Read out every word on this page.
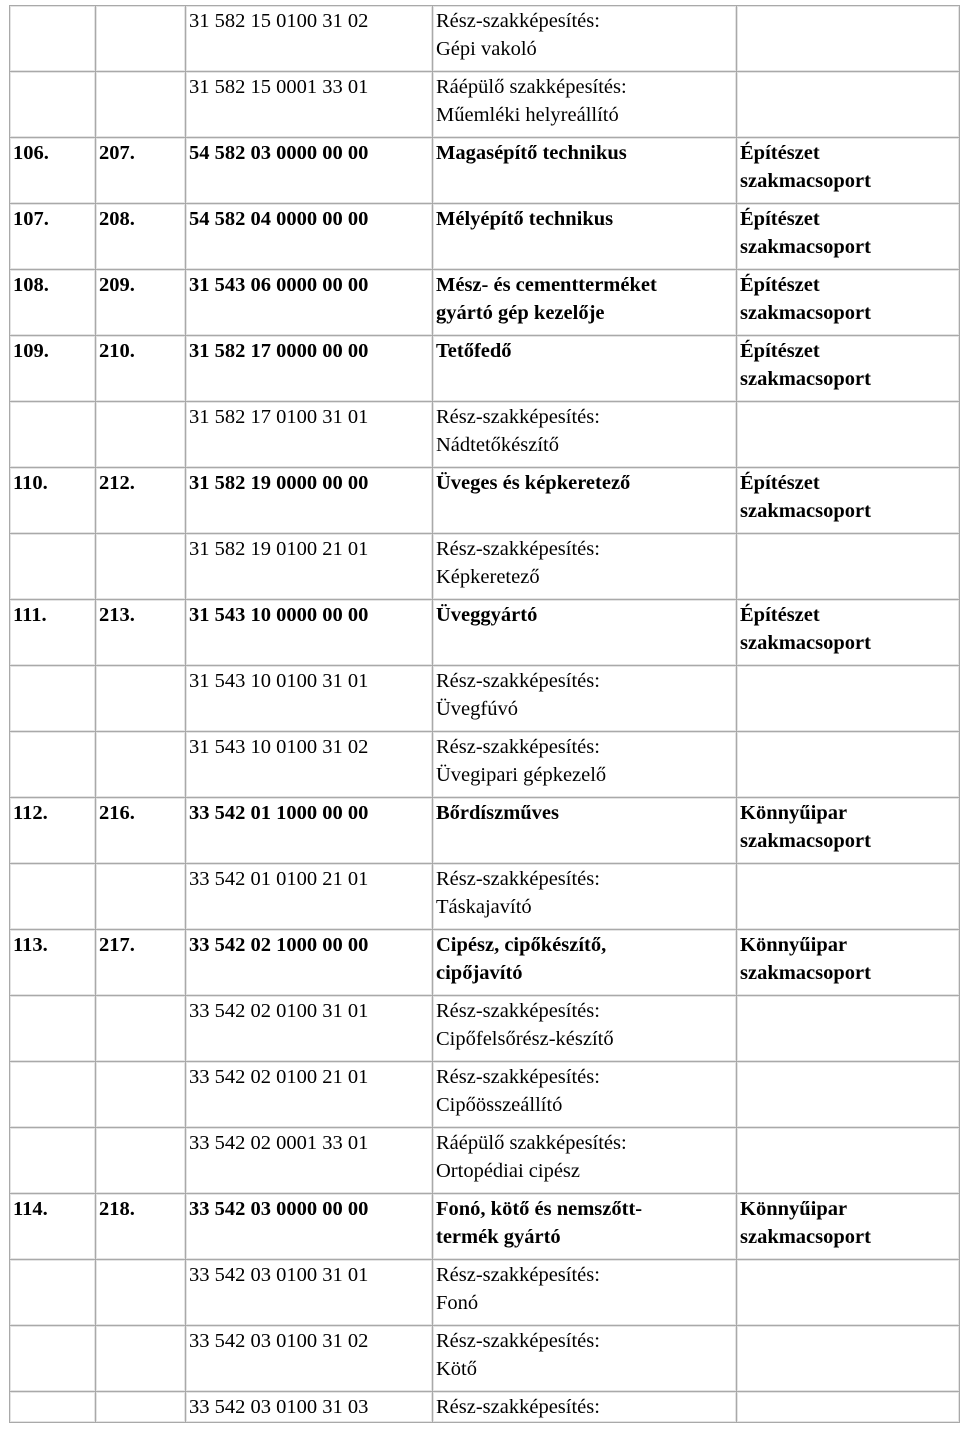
		31 582 15 0100 31 02	Rész-szakképesítés:
Gépi vakoló	
		31 582 15 0001 33 01	Ráépülő szakképesítés:
Műemléki helyreállító	
106.	207.	54 582 03 0000 00 00	Magasépítő technikus	Építészet
szakmacsoport
107.	208.	54 582 04 0000 00 00	Mélyépítő technikus	Építészet
szakmacsoport
108.	209.	31 543 06 0000 00 00	Mész- és cementterméket
gyártó gép kezelője	Építészet
szakmacsoport
109.	210.	31 582 17 0000 00 00	Tetőfedő	Építészet
szakmacsoport
		31 582 17 0100 31 01	Rész-szakképesítés:
Nádtetőkészítő	
110.	212.	31 582 19 0000 00 00	Üveges és képkeretező	Építészet
szakmacsoport
		31 582 19 0100 21 01	Rész-szakképesítés:
Képkeretező	
111.	213.	31 543 10 0000 00 00	Üveggyártó	Építészet
szakmacsoport
		31 543 10 0100 31 01	Rész-szakképesítés:
Üvegfúvó	
		31 543 10 0100 31 02	Rész-szakképesítés:
Üvegipari gépkezelő	
112.	216.	33 542 01 1000 00 00	Bőrdíszműves	Könnyűipar
szakmacsoport
		33 542 01 0100 21 01	Rész-szakképesítés:
Táskajavító	
113.	217.	33 542 02 1000 00 00	Cipész, cipőkészítő,
cipőjavító	Könnyűipar
szakmacsoport
		33 542 02 0100 31 01	Rész-szakképesítés:
Cipőfelsőrész-készítő	
		33 542 02 0100 21 01	Rész-szakképesítés:
Cipőösszeállító	
		33 542 02 0001 33 01	Ráépülő szakképesítés:
Ortopédiai cipész	
114.	218.	33 542 03 0000 00 00	Fonó, kötő és nemszőtt-
termék gyártó	Könnyűipar
szakmacsoport
		33 542 03 0100 31 01	Rész-szakképesítés:
Fonó	
		33 542 03 0100 31 02	Rész-szakképesítés:
Kötő	
		33 542 03 0100 31 03	Rész-szakképesítés:	
